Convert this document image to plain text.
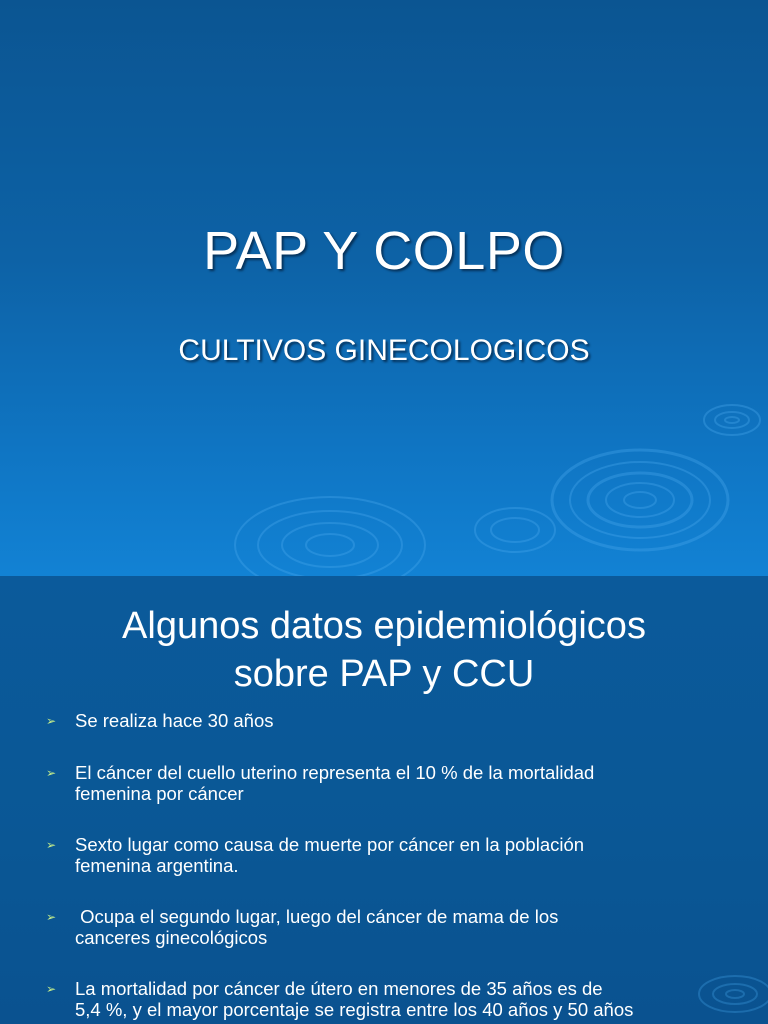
PAP Y COLPO
CULTIVOS GINECOLOGICOS
Algunos datos epidemiológicos
sobre PAP y CCU
➢ Se realiza hace 30 años
➢ El cáncer del cuello uterino representa el 10 % de la mortalidad
femenina por cáncer
➢ Sexto lugar como causa de muerte por cáncer en la población
femenina argentina.
➢ Ocupa el segundo lugar, luego del cáncer de mama de los
canceres ginecológicos
➢ La mortalidad por cáncer de útero en menores de 35 años es de
5,4 %, y el mayor porcentaje se registra entre los 40 años y 50 años
